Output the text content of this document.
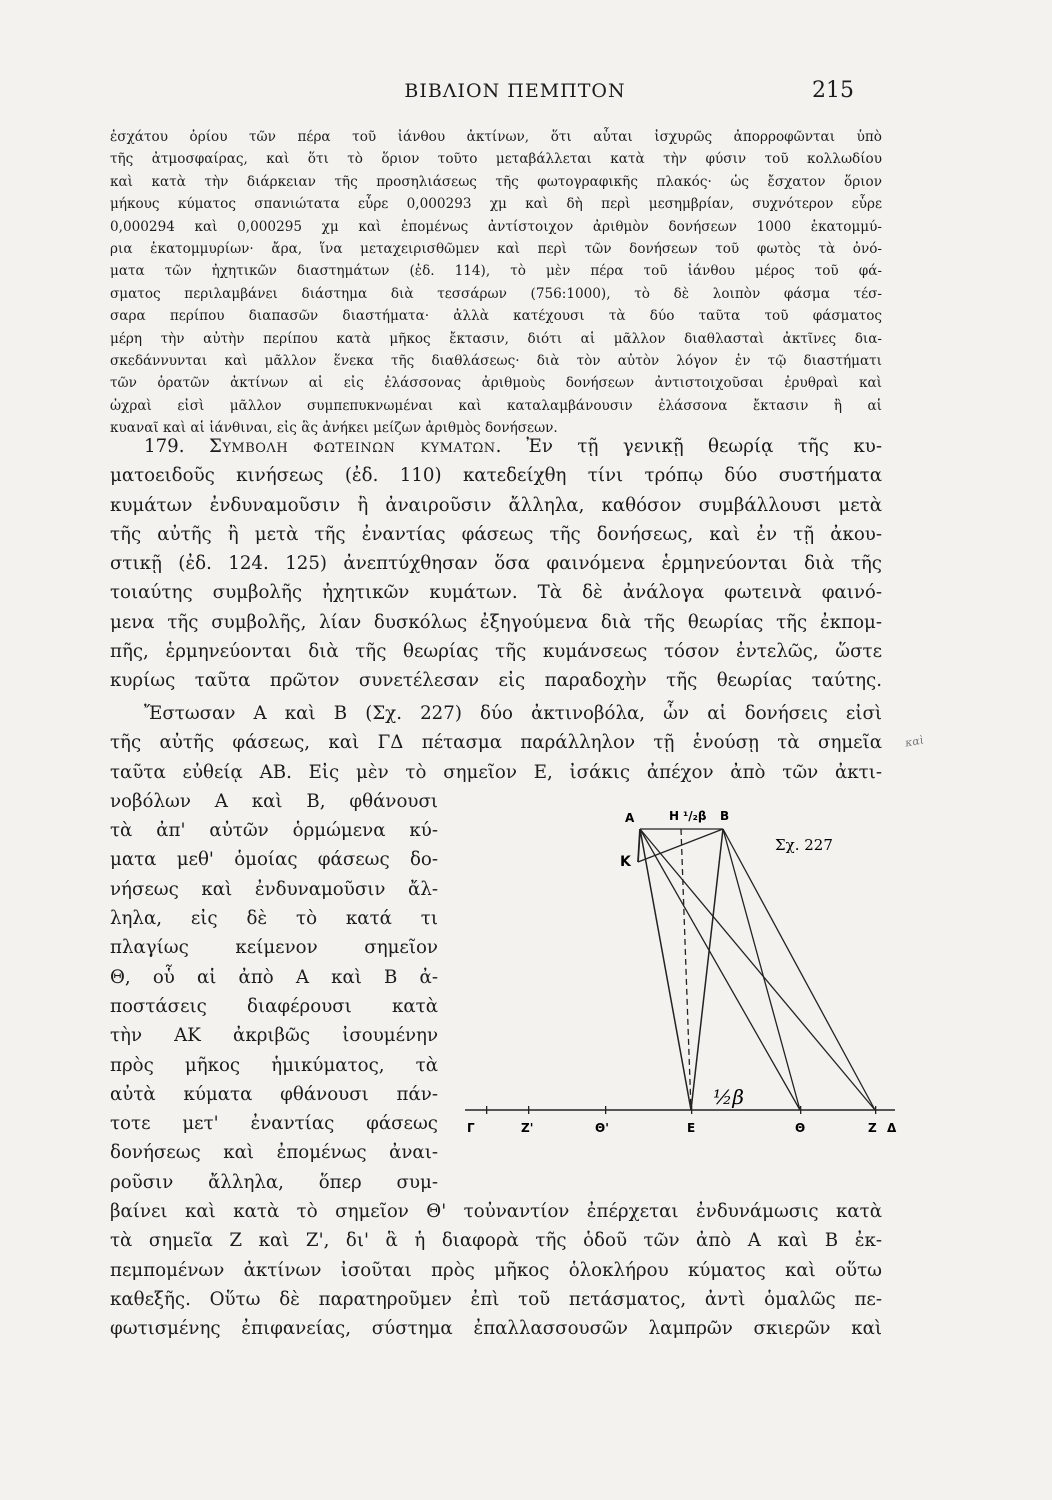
ΒΙΒΛΙΟΝ ΠΕΜΠΤΟΝ	215
ἐσχάτου ὁρίου τῶν πέρα τοῦ ἰάνθου ἀκτίνων, ὅτι αὗται ἰσχυρῶς ἀπορροφῶνται ὑπὸ
τῆς ἀτμοσφαίρας, καὶ ὅτι τὸ ὅριον τοῦτο μεταβάλλεται κατὰ τὴν φύσιν τοῦ κολλωδίου
καὶ κατὰ τὴν διάρκειαν τῆς προσηλιάσεως τῆς φωτογραφικῆς πλακός· ὡς ἔσχατον ὅριον
μήκους κύματος σπανιώτατα εὗρε 0,000293 χμ καὶ δὴ περὶ μεσημβρίαν, συχνότερον εὗρε
0,000294 καὶ 0,000295 χμ καὶ ἐπομένως ἀντίστοιχον ἀριθμὸν δονήσεων 1000 ἑκατομμύ-
ρια ἑκατομμυρίων· ἄρα, ἵνα μεταχειρισθῶμεν καὶ περὶ τῶν δονήσεων τοῦ φωτὸς τὰ ὀνό-
ματα τῶν ἠχητικῶν διαστημάτων (ἐδ. 114), τὸ μὲν πέρα τοῦ ἰάνθου μέρος τοῦ φά-
σματος περιλαμβάνει διάστημα διὰ τεσσάρων (756:1000), τὸ δὲ λοιπὸν φάσμα τέσ-
σαρα περίπου διαπασῶν διαστήματα· ἀλλὰ κατέχουσι τὰ δύο ταῦτα τοῦ φάσματος
μέρη τὴν αὐτὴν περίπου κατὰ μῆκος ἔκτασιν, διότι αἱ μᾶλλον διαθλασταὶ ἀκτῖνες δια-
σκεδάννυνται καὶ μᾶλλον ἕνεκα τῆς διαθλάσεως· διὰ τὸν αὐτὸν λόγον ἐν τῷ διαστήματι
τῶν ὁρατῶν ἀκτίνων αἱ εἰς ἐλάσσονας ἀριθμοὺς δονήσεων ἀντιστοιχοῦσαι ἐρυθραὶ καὶ
ὠχραὶ εἰσὶ μᾶλλον συμπεπυκνωμέναι καὶ καταλαμβάνουσιν ἐλάσσονα ἔκτασιν ἢ αἱ
κυαναῖ καὶ αἱ ἰάνθιναι, εἰς ἃς ἀνήκει μείζων ἀριθμὸς δονήσεων.
179. Συμβολη φωτεινων κυματων. Ἐν τῇ γενικῇ θεωρίᾳ τῆς κυ-
ματοειδοῦς κινήσεως (ἐδ. 110) κατεδείχθη τίνι τρόπῳ δύο συστήματα
κυμάτων ἐνδυναμοῦσιν ἢ ἀναιροῦσιν ἄλληλα, καθόσον συμβάλλουσι μετὰ
τῆς αὐτῆς ἢ μετὰ τῆς ἐναντίας φάσεως τῆς δονήσεως, καὶ ἐν τῇ ἀκου-
στικῇ (ἐδ. 124. 125) ἀνεπτύχθησαν ὅσα φαινόμενα ἑρμηνεύονται διὰ τῆς
τοιαύτης συμβολῆς ἠχητικῶν κυμάτων. Τὰ δὲ ἀνάλογα φωτεινὰ φαινό-
μενα τῆς συμβολῆς, λίαν δυσκόλως ἐξηγούμενα διὰ τῆς θεωρίας τῆς ἐκπομ-
πῆς, ἑρμηνεύονται διὰ τῆς θεωρίας τῆς κυμάνσεως τόσον ἐντελῶς, ὥστε
κυρίως ταῦτα πρῶτον συνετέλεσαν εἰς παραδοχὴν τῆς θεωρίας ταύτης.
Ἔστωσαν Α καὶ Β (Σχ. 227) δύο ἀκτινοβόλα, ὧν αἱ δονήσεις εἰσὶ
τῆς αὐτῆς φάσεως, καὶ ΓΔ πέτασμα παράλληλον τῇ ἑνούσῃ τὰ σημεῖα
ταῦτα εὐθείᾳ ΑΒ. Εἰς μὲν τὸ σημεῖον Ε, ἰσάκις ἀπέχον ἀπὸ τῶν ἀκτι-
νοβόλων Α καὶ Β, φθάνουσι
τὰ ἀπ' αὐτῶν ὁρμώμενα κύ-
ματα μεθ' ὁμοίας φάσεως δο-
νήσεως καὶ ἐνδυναμοῦσιν ἄλ-
ληλα, εἰς δὲ τὸ κατά τι
πλαγίως κείμενον σημεῖον
Θ, οὗ αἱ ἀπὸ Α καὶ Β ἀ-
ποστάσεις διαφέρουσι κατὰ
τὴν ΑΚ ἀκριβῶς ἰσουμένην
πρὸς μῆκος ἡμικύματος, τὰ
αὐτὰ κύματα φθάνουσι πάν-
τοτε μετ' ἐναντίας φάσεως
δονήσεως καὶ ἐπομένως ἀναι-
ροῦσιν ἄλληλα, ὅπερ συμ-
βαίνει καὶ κατὰ τὸ σημεῖον Θ' τοὐναντίον ἐπέρχεται ἐνδυνάμωσις κατὰ
τὰ σημεῖα Ζ καὶ Ζ', δι' ἃ ἡ διαφορὰ τῆς ὁδοῦ τῶν ἀπὸ Α καὶ Β ἐκ-
πεμπομένων ἀκτίνων ἰσοῦται πρὸς μῆκος ὁλοκλήρου κύματος καὶ οὕτω
καθεξῆς. Οὕτω δὲ παρατηροῦμεν ἐπὶ τοῦ πετάσματος, ἀντὶ ὁμαλῶς πε-
φωτισμένης ἐπιφανείας, σύστημα ἐπαλλασσουσῶν λαμπρῶν σκιερῶν καὶ
A	H ¹/₂β B
K
Σχ. 227
½β
Γ	Z'	Θ'	E	Θ	Z Δ
καὶ
